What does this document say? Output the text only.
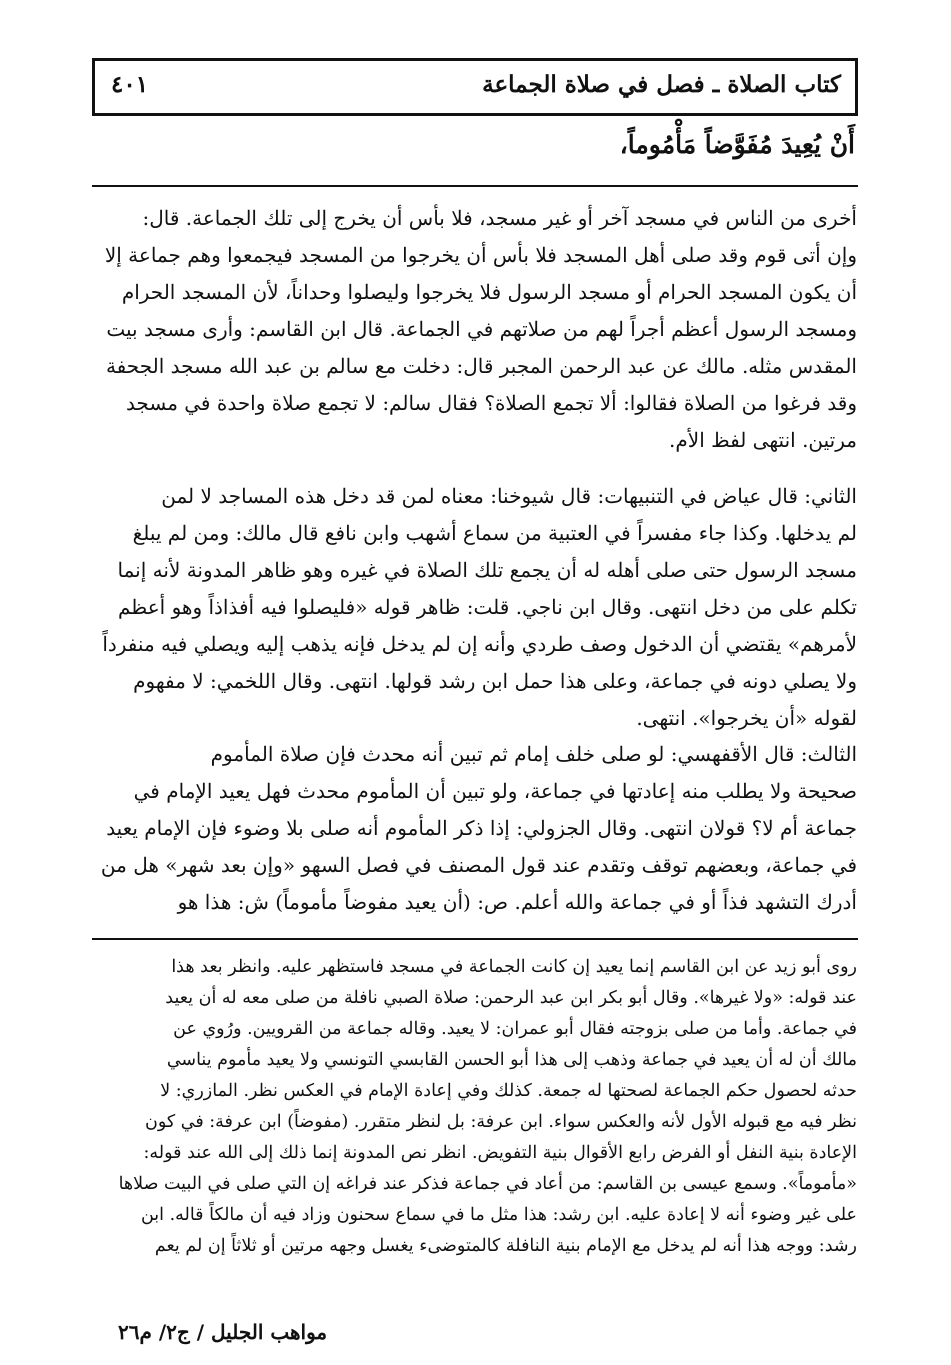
كتاب الصلاة ـ فصل في صلاة الجماعة
٤٠١
أَنْ يُعِيدَ مُفَوَّضاً مَأْمُوماً،
أخرى من الناس في مسجد آخر أو غير مسجد، فلا بأس أن يخرج إلى تلك الجماعة. قال:
وإن أتى قوم وقد صلى أهل المسجد فلا بأس أن يخرجوا من المسجد فيجمعوا وهم جماعة إلا
أن يكون المسجد الحرام أو مسجد الرسول فلا يخرجوا وليصلوا وحداناً، لأن المسجد الحرام
ومسجد الرسول أعظم أجراً لهم من صلاتهم في الجماعة. قال ابن القاسم: وأرى مسجد بيت
المقدس مثله. مالك عن عبد الرحمن المجبر قال: دخلت مع سالم بن عبد الله مسجد الجحفة
وقد فرغوا من الصلاة فقالوا: ألا تجمع الصلاة؟ فقال سالم: لا تجمع صلاة واحدة في مسجد
مرتين. انتهى لفظ الأم.
الثاني: قال عياض في التنبيهات: قال شيوخنا: معناه لمن قد دخل هذه المساجد لا لمن
لم يدخلها. وكذا جاء مفسراً في العتبية من سماع أشهب وابن نافع قال مالك: ومن لم يبلغ
مسجد الرسول حتى صلى أهله له أن يجمع تلك الصلاة في غيره وهو ظاهر المدونة لأنه إنما
تكلم على من دخل انتهى. وقال ابن ناجي. قلت: ظاهر قوله «فليصلوا فيه أفذاذاً وهو أعظم
لأمرهم» يقتضي أن الدخول وصف طردي وأنه إن لم يدخل فإنه يذهب إليه ويصلي فيه منفرداً
ولا يصلي دونه في جماعة، وعلى هذا حمل ابن رشد قولها. انتهى. وقال اللخمي: لا مفهوم
لقوله «أن يخرجوا». انتهى.
الثالث: قال الأقفهسي: لو صلى خلف إمام ثم تبين أنه محدث فإن صلاة المأموم
صحيحة ولا يطلب منه إعادتها في جماعة، ولو تبين أن المأموم محدث فهل يعيد الإمام في
جماعة أم لا؟ قولان انتهى. وقال الجزولي: إذا ذكر المأموم أنه صلى بلا وضوء فإن الإمام يعيد
في جماعة، وبعضهم توقف وتقدم عند قول المصنف في فصل السهو «وإن بعد شهر» هل من
أدرك التشهد فذاً أو في جماعة والله أعلم. ص: (أن يعيد مفوضاً مأموماً) ش: هذا هو
روى أبو زيد عن ابن القاسم إنما يعيد إن كانت الجماعة في مسجد فاستظهر عليه. وانظر بعد هذا
عند قوله: «ولا غيرها». وقال أبو بكر ابن عبد الرحمن: صلاة الصبي نافلة من صلى معه له أن يعيد
في جماعة. وأما من صلى بزوجته فقال أبو عمران: لا يعيد. وقاله جماعة من القرويين. ورُوي عن
مالك أن له أن يعيد في جماعة وذهب إلى هذا أبو الحسن القابسي التونسي ولا يعيد مأموم يناسي
حدثه لحصول حكم الجماعة لصحتها له جمعة. كذلك وفي إعادة الإمام في العكس نظر. المازري: لا
نظر فيه مع قبوله الأول لأنه والعكس سواء. ابن عرفة: بل لنظر متقرر. (مفوضاً) ابن عرفة: في كون
الإعادة بنية النفل أو الفرض رابع الأقوال بنية التفويض. انظر نص المدونة إنما ذلك إلى الله عند قوله:
«مأموماً». وسمع عيسى بن القاسم: من أعاد في جماعة فذكر عند فراغه إن التي صلى في البيت صلاها
على غير وضوء أنه لا إعادة عليه. ابن رشد: هذا مثل ما في سماع سحنون وزاد فيه أن مالكاً قاله. ابن
رشد: ووجه هذا أنه لم يدخل مع الإمام بنية النافلة كالمتوضىء يغسل وجهه مرتين أو ثلاثاً إن لم يعم
مواهب الجليل / ج٢/ م٢٦
